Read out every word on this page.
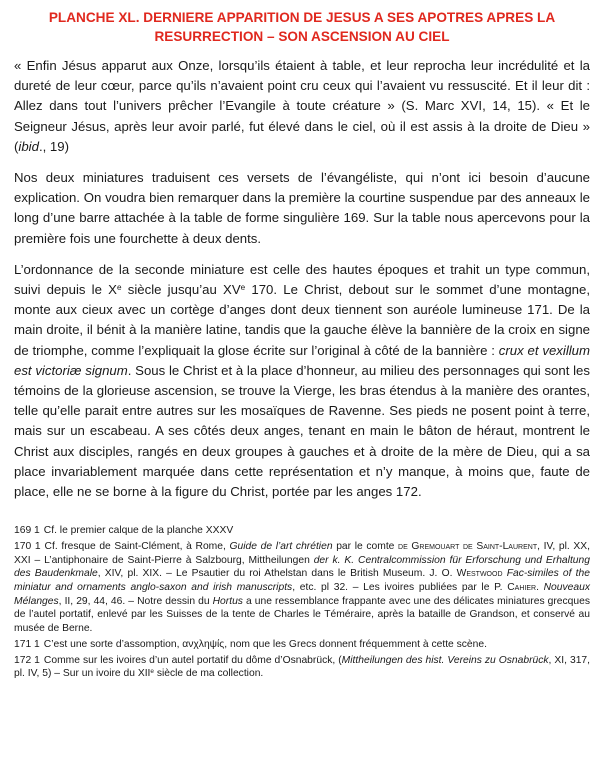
PLANCHE XL. DERNIERE APPARITION DE JESUS A SES APOTRES APRES LA RESURRECTION – SON ASCENSION AU CIEL

« Enfin Jésus apparut aux Onze, lorsqu’ils étaient à table, et leur reprocha leur incrédulité et la dureté de leur cœur, parce qu’ils n’avaient point cru ceux qui l’avaient vu ressuscité. Et il leur dit : Allez dans tout l’univers prêcher l’Evangile à toute créature » (S. Marc XVI, 14, 15). « Et le Seigneur Jésus, après leur avoir parlé, fut élevé dans le ciel, où il est assis à la droite de Dieu » (ibid., 19)

Nos deux miniatures traduisent ces versets de l’évangéliste, qui n’ont ici besoin d’aucune explication. On voudra bien remarquer dans la première la courtine suspendue par des anneaux le long d’une barre attachée à la table de forme singulière 169. Sur la table nous apercevons pour la première fois une fourchette à deux dents.

L’ordonnance de la seconde miniature est celle des hautes époques et trahit un type commun, suivi depuis le Xe siècle jusqu’au XVe 170. Le Christ, debout sur le sommet d’une montagne, monte aux cieux avec un cortège d’anges dont deux tiennent son auréole lumineuse 171. De la main droite, il bénit à la manière latine, tandis que la gauche élève la bannière de la croix en signe de triomphe, comme l’expliquait la glose écrite sur l’original à côté de la bannière : crux et vexillum est victoriæ signum. Sous le Christ et à la place d’honneur, au milieu des personnages qui sont les témoins de la glorieuse ascension, se trouve la Vierge, les bras étendus à la manière des orantes, telle qu’elle parait entre autres sur les mosaïques de Ravenne. Ses pieds ne posent point à terre, mais sur un escabeau. A ses côtés deux anges, tenant en main le bâton de héraut, montrent le Christ aux disciples, rangés en deux groupes à gauches et à droite de la mère de Dieu, qui a sa place invariablement marquée dans cette représentation et n’y manque, à moins que, faute de place, elle ne se borne à la figure du Christ, portée par les anges 172.

169 1 Cf. le premier calque de la planche XXXV

170 1 Cf. fresque de Saint-Clément, à Rome, Guide de l’art chrétien par le comte de Gremouart de Saint-Laurent, IV, pl. XX, XXI – L’antiphonaire de Saint-Pierre à Salzbourg, Mittheilungen der k. K. Centralcommission für Erforschung und Erhaltung des Baudenkmale, XIV, pl. XIX. – Le Psautier du roi Athelstan dans le British Museum. J. O. Westwood Fac-similes of the miniatur and ornaments anglo-saxon and irish manuscripts, etc. pl 32. – Les ivoires publiées par le P. Cahier. Nouveaux Mélanges, II, 29, 44, 46. – Notre dessin du Hortus a une ressemblance frappante avec une des délicates miniatures grecques de l’autel portatif, enlevé par les Suisses de la tente de Charles le Téméraire, après la bataille de Grandson, et conservé au musée de Berne.

171 1 C’est une sorte d’assomption, ανχληψίς, nom que les Grecs donnent fréquemment à cette scène.

172 1 Comme sur les ivoires d’un autel portatif du dôme d’Osnabrück, (Mittheilungen des hist. Vereins zu Osnabrück, XI, 317, pl. IV, 5) – Sur un ivoire du XIIe siècle de ma collection.
